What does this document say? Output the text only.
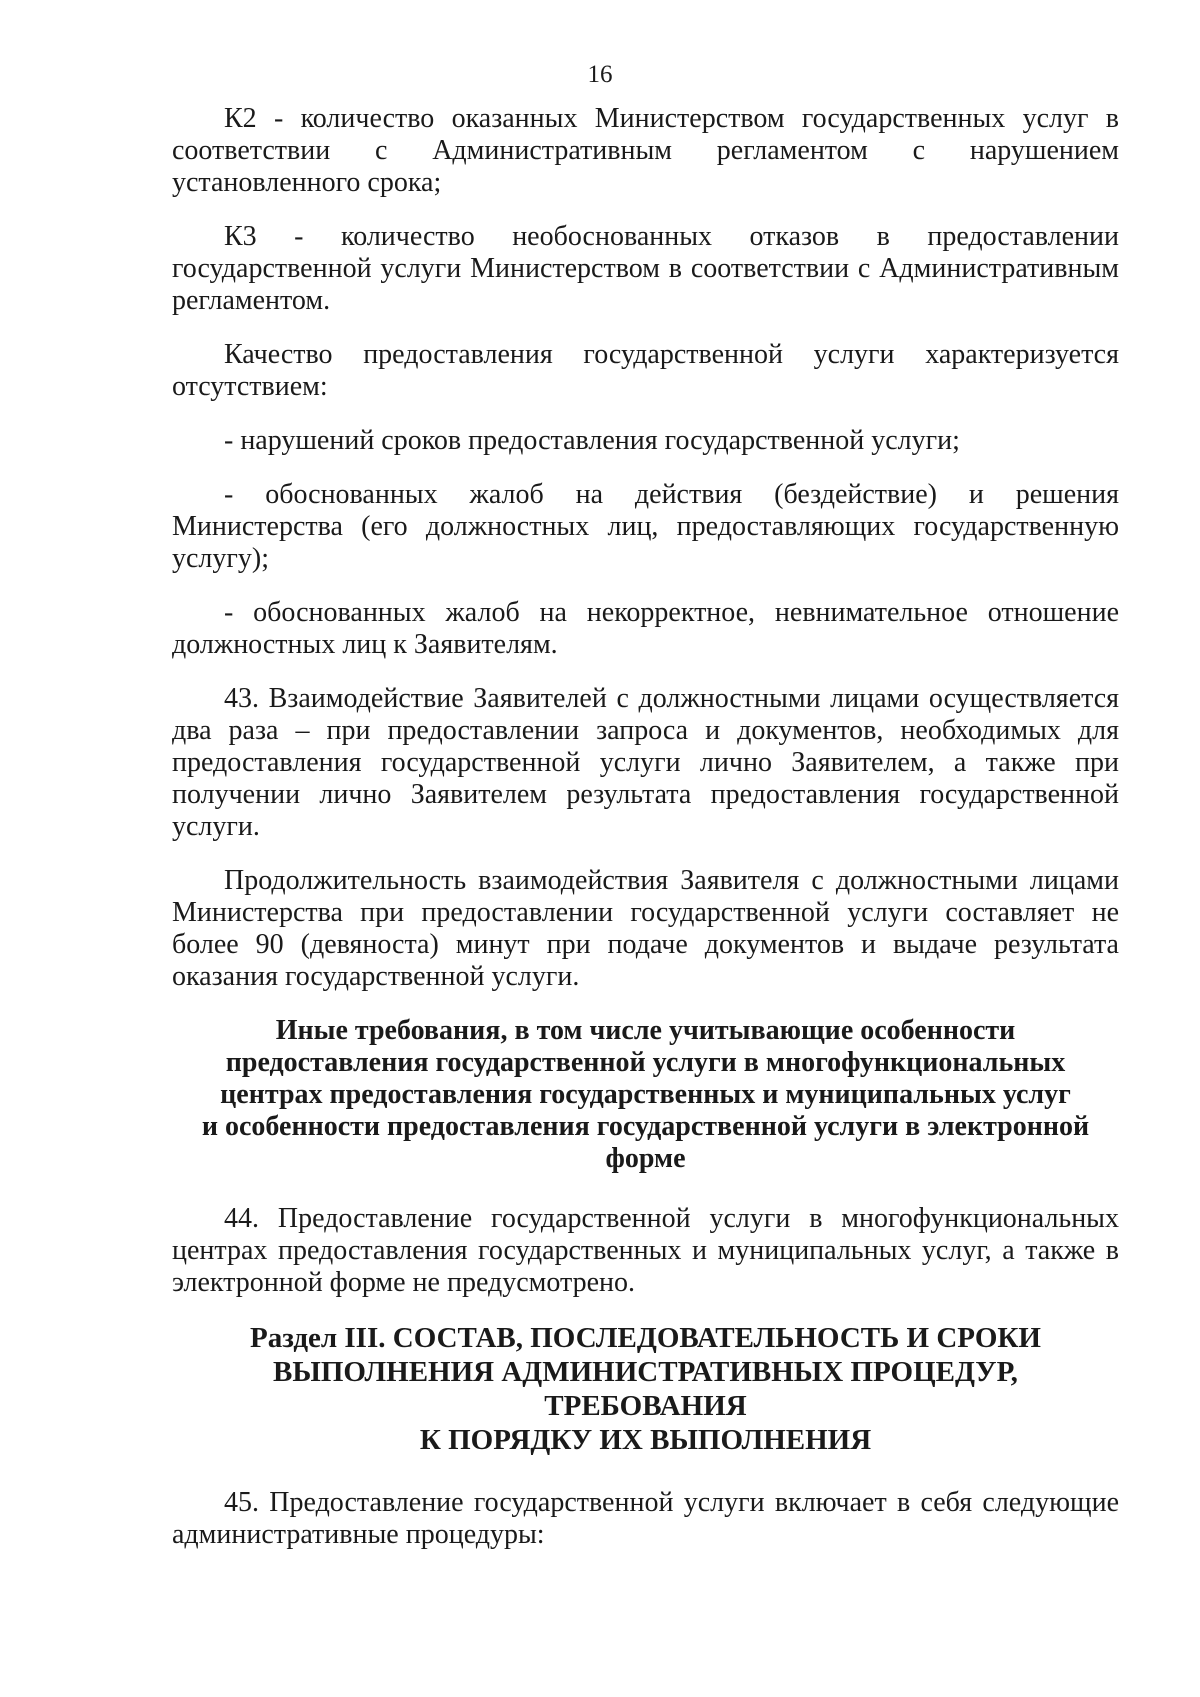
16

К2 - количество оказанных Министерством государственных услуг в соответствии с Административным регламентом с нарушением установленного срока;

К3 - количество необоснованных отказов в предоставлении государственной услуги Министерством в соответствии с Административным регламентом.

Качество предоставления государственной услуги характеризуется отсутствием:

- нарушений сроков предоставления государственной услуги;

- обоснованных жалоб на действия (бездействие) и решения Министерства (его должностных лиц, предоставляющих государственную услугу);

- обоснованных жалоб на некорректное, невнимательное отношение должностных лиц к Заявителям.

43. Взаимодействие Заявителей с должностными лицами осуществляется два раза – при предоставлении запроса и документов, необходимых для предоставления государственной услуги лично Заявителем, а также при получении лично Заявителем результата предоставления государственной услуги.

Продолжительность взаимодействия Заявителя с должностными лицами Министерства при предоставлении государственной услуги составляет не более 90 (девяноста) минут при подаче документов и выдаче результата оказания государственной услуги.

Иные требования, в том числе учитывающие особенности
предоставления государственной услуги в многофункциональных
центрах предоставления государственных и муниципальных услуг
и особенности предоставления государственной услуги в электронной
форме

44. Предоставление государственной услуги в многофункциональных центрах предоставления государственных и муниципальных услуг, а также в электронной форме не предусмотрено.

Раздел III. СОСТАВ, ПОСЛЕДОВАТЕЛЬНОСТЬ И СРОКИ
ВЫПОЛНЕНИЯ АДМИНИСТРАТИВНЫХ ПРОЦЕДУР, ТРЕБОВАНИЯ
К ПОРЯДКУ ИХ ВЫПОЛНЕНИЯ

45. Предоставление государственной услуги включает в себя следующие административные процедуры:
